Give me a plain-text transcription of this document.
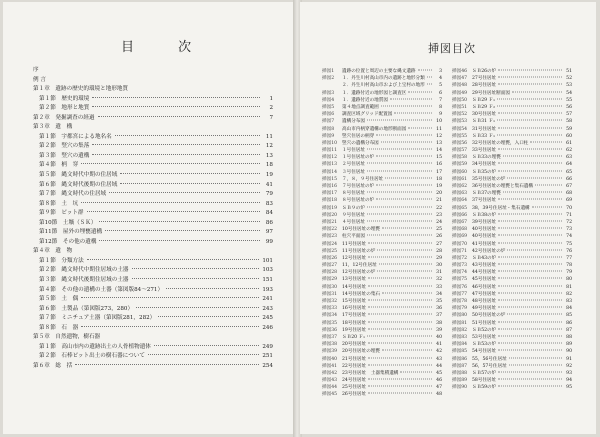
目 次
序
例 言
第１章　遺跡の歴史的環境と地形地質
第１節　歴史的環境	1
第２節　地形と地質	2
第２章　発掘調査の経過	7
第３章　遺　構
第１節　宇都宮による地名名	11
第２節　竪穴の集落	12
第３節　竪穴の遺構	13
第４節　柄　穿	18
第５節　縄文時代中期の住居域	19
第６節　縄文時代後期の住居域	41
第７節　縄文時代の住居域	79
第８節　土　坑	83
第９節　ピット群	84
第10節　土壙（ＳＫ）	86
第11節　屋外の埋甕遺構	97
第12節　その他の遺構	99
第４章　遺　物
第１節　分類方法	101
第２節　縄文時代中期住居域の土器	103
第３節　縄文時代後期住居域の土器	151
第４節　その他の遺構の土器（第図版84〜271）	193
第５節　土　偶	241
第６節　土製品（第図版273，280）	243
第７節　ミニチュア土器（第図版281，282）	245
第８節　石　器	246
第５章　自然遺物，樹石器
第１節　高山市内の遺跡出土の人骨植物遺体	249
第２節　石棒ピット出土の樹石器について	251
第６章　総　括	254
挿図目次
挿図1	遺跡の位置と周辺の主要な縄文遺跡	3
挿図2	１．丹生川村高山市内の遺跡と地形分類	4
２．丹生川村高山市および上宝村の地形	5
挿図3	１．遺跡付近の地形図と調査区	6
挿図4	１．遺跡付近の地質図	7
挿図5	第４地点調査範囲	8
挿図6	調査区域グリッド配置図	9
挿図7	遺構分布図	10
挿図8	高山市内柄穿遺構の地形断面図	11
挿図9	竪穴住居の柄穿	12
挿図10	竪穴の遺構分布図	13
挿図11	１号住居址	14
挿図12	１号住居址の炉	15
挿図13	２号住居址	16
挿図14	３号住居址	17
挿図15	７，８，９号住居址	18
挿図16	７号住居址の炉	19
挿図17	８号住居址	20
挿図18	８号住居址の炉	21
挿図19	ＳＢ９の炉	22
挿図20	９号住居址	23
挿図21	４号住居址	24
挿図22	10号住居址の埋甕	25
挿図23	柱穴平面図	26
挿図24	11号住居址	27
挿図25	11号住居址の炉	28
挿図26	12号住居址	29
挿図27	11，12号住居址	30
挿図28	12号住居址の炉	31
挿図29	13号住居址	32
挿図30	14号住居址	33
挿図31	14号住居址の集石	34
挿図32	15号住居址	35
挿図33	16号住居址	36
挿図34	17号住居址	37
挿図35	18号住居址	38
挿図36	19号住居址	39
挿図37	ＳＢ20 Ｆ₁	40
挿図38	20号住居址	41
挿図39	20号住居址の埋甕	42
挿図40	21号住居址	43
挿図41	22号住居址	44
挿図42	23号住居址　土器集積遺構	45
挿図43	24号住居址	46
挿図44	25号住居址	47
挿図45	26号住居址	48
挿図46	ＳＢ26の炉	51
挿図47	27号住居址	52
挿図48	28号住居址	53
挿図49	29号住居址断面図	54
挿図50	ＳＢ29 Ｆ₁	55
挿図51	ＳＢ29 Ｆ₂	56
挿図52	30号住居址	57
挿図53	ＳＢ31 Ｆ₁	58
挿図54	31号住居址	59
挿図55	ＳＢ33 Ｆ₁	60
挿図56	32号住居址の埋甕，入口柱	61
挿図57	33号住居址	62
挿図58	ＳＢ33の埋甕	63
挿図59	34号住居址	64
挿図60	ＳＢ35の炉	65
挿図61	35号住居址の炉	66
挿図62	36号住居址の埋甕と集石遺構	67
挿図63	ＳＢ37の埋甕	68
挿図64	37号住居址	69
挿図65	38，39号住居址・集石遺構	70
挿図66	ＳＢ38の炉	71
挿図67	39号住居址	72
挿図68	40号住居址	73
挿図69	40号住居址	74
挿図70	41号住居址	75
挿図71	42号住居址の炉	76
挿図72	ＳＢ43の炉	77
挿図73	43号住居址	78
挿図74	44号住居址	79
挿図75	45号住居址	80
挿図76	46号住居址	81
挿図77	47号住居址	82
挿図78	48号住居址	83
挿図79	49号住居址	84
挿図80	50号住居址の炉	85
挿図81	51号住居址	86
挿図82	ＳＢ52の炉	87
挿図83	53号住居址	88
挿図84	ＳＢ53の炉	89
挿図85	54号住居址	90
挿図86	55，56号住居址	91
挿図87	56，57号住居址	92
挿図88	ＳＢ57の炉	93
挿図89	58号住居址	94
挿図90	ＳＢ59の炉	95
